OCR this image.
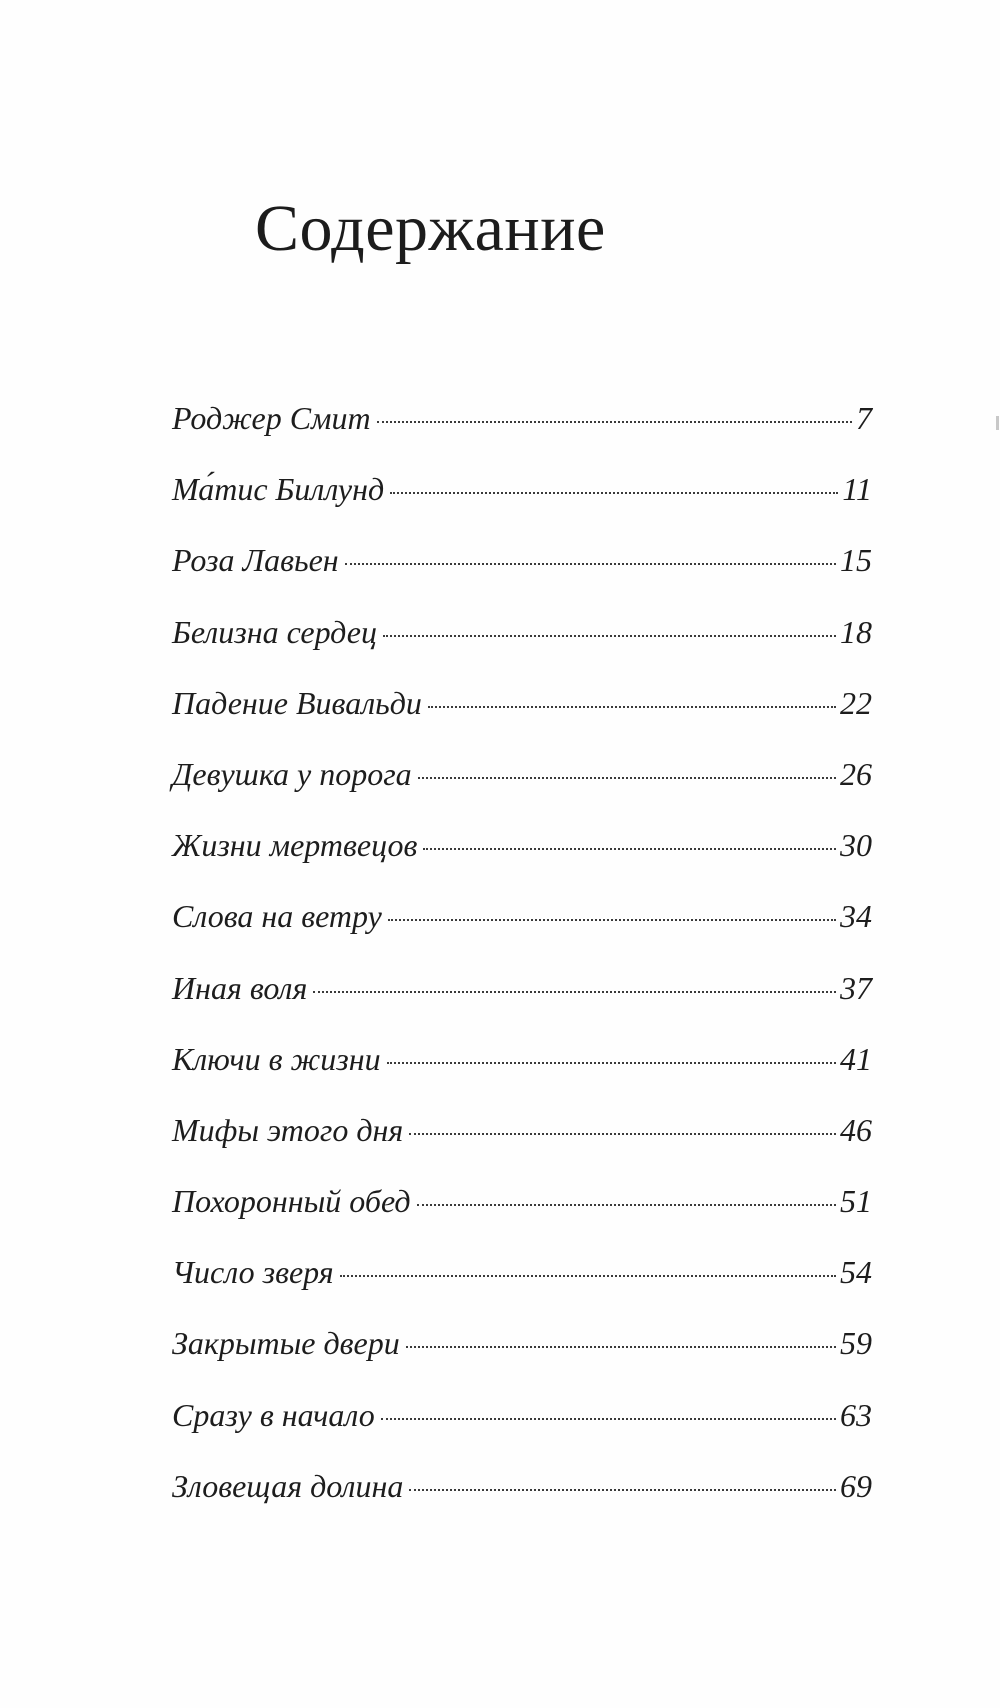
Содержание
Роджер Смит	7
Ма́тис Биллунд	11
Роза Лавьен	15
Белизна сердец	18
Падение Вивальди	22
Девушка у порога	26
Жизни мертвецов	30
Слова на ветру	34
Иная воля	37
Ключи в жизни	41
Мифы этого дня	46
Похоронный обед	51
Число зверя	54
Закрытые двери	59
Сразу в начало	63
Зловещая долина	69
